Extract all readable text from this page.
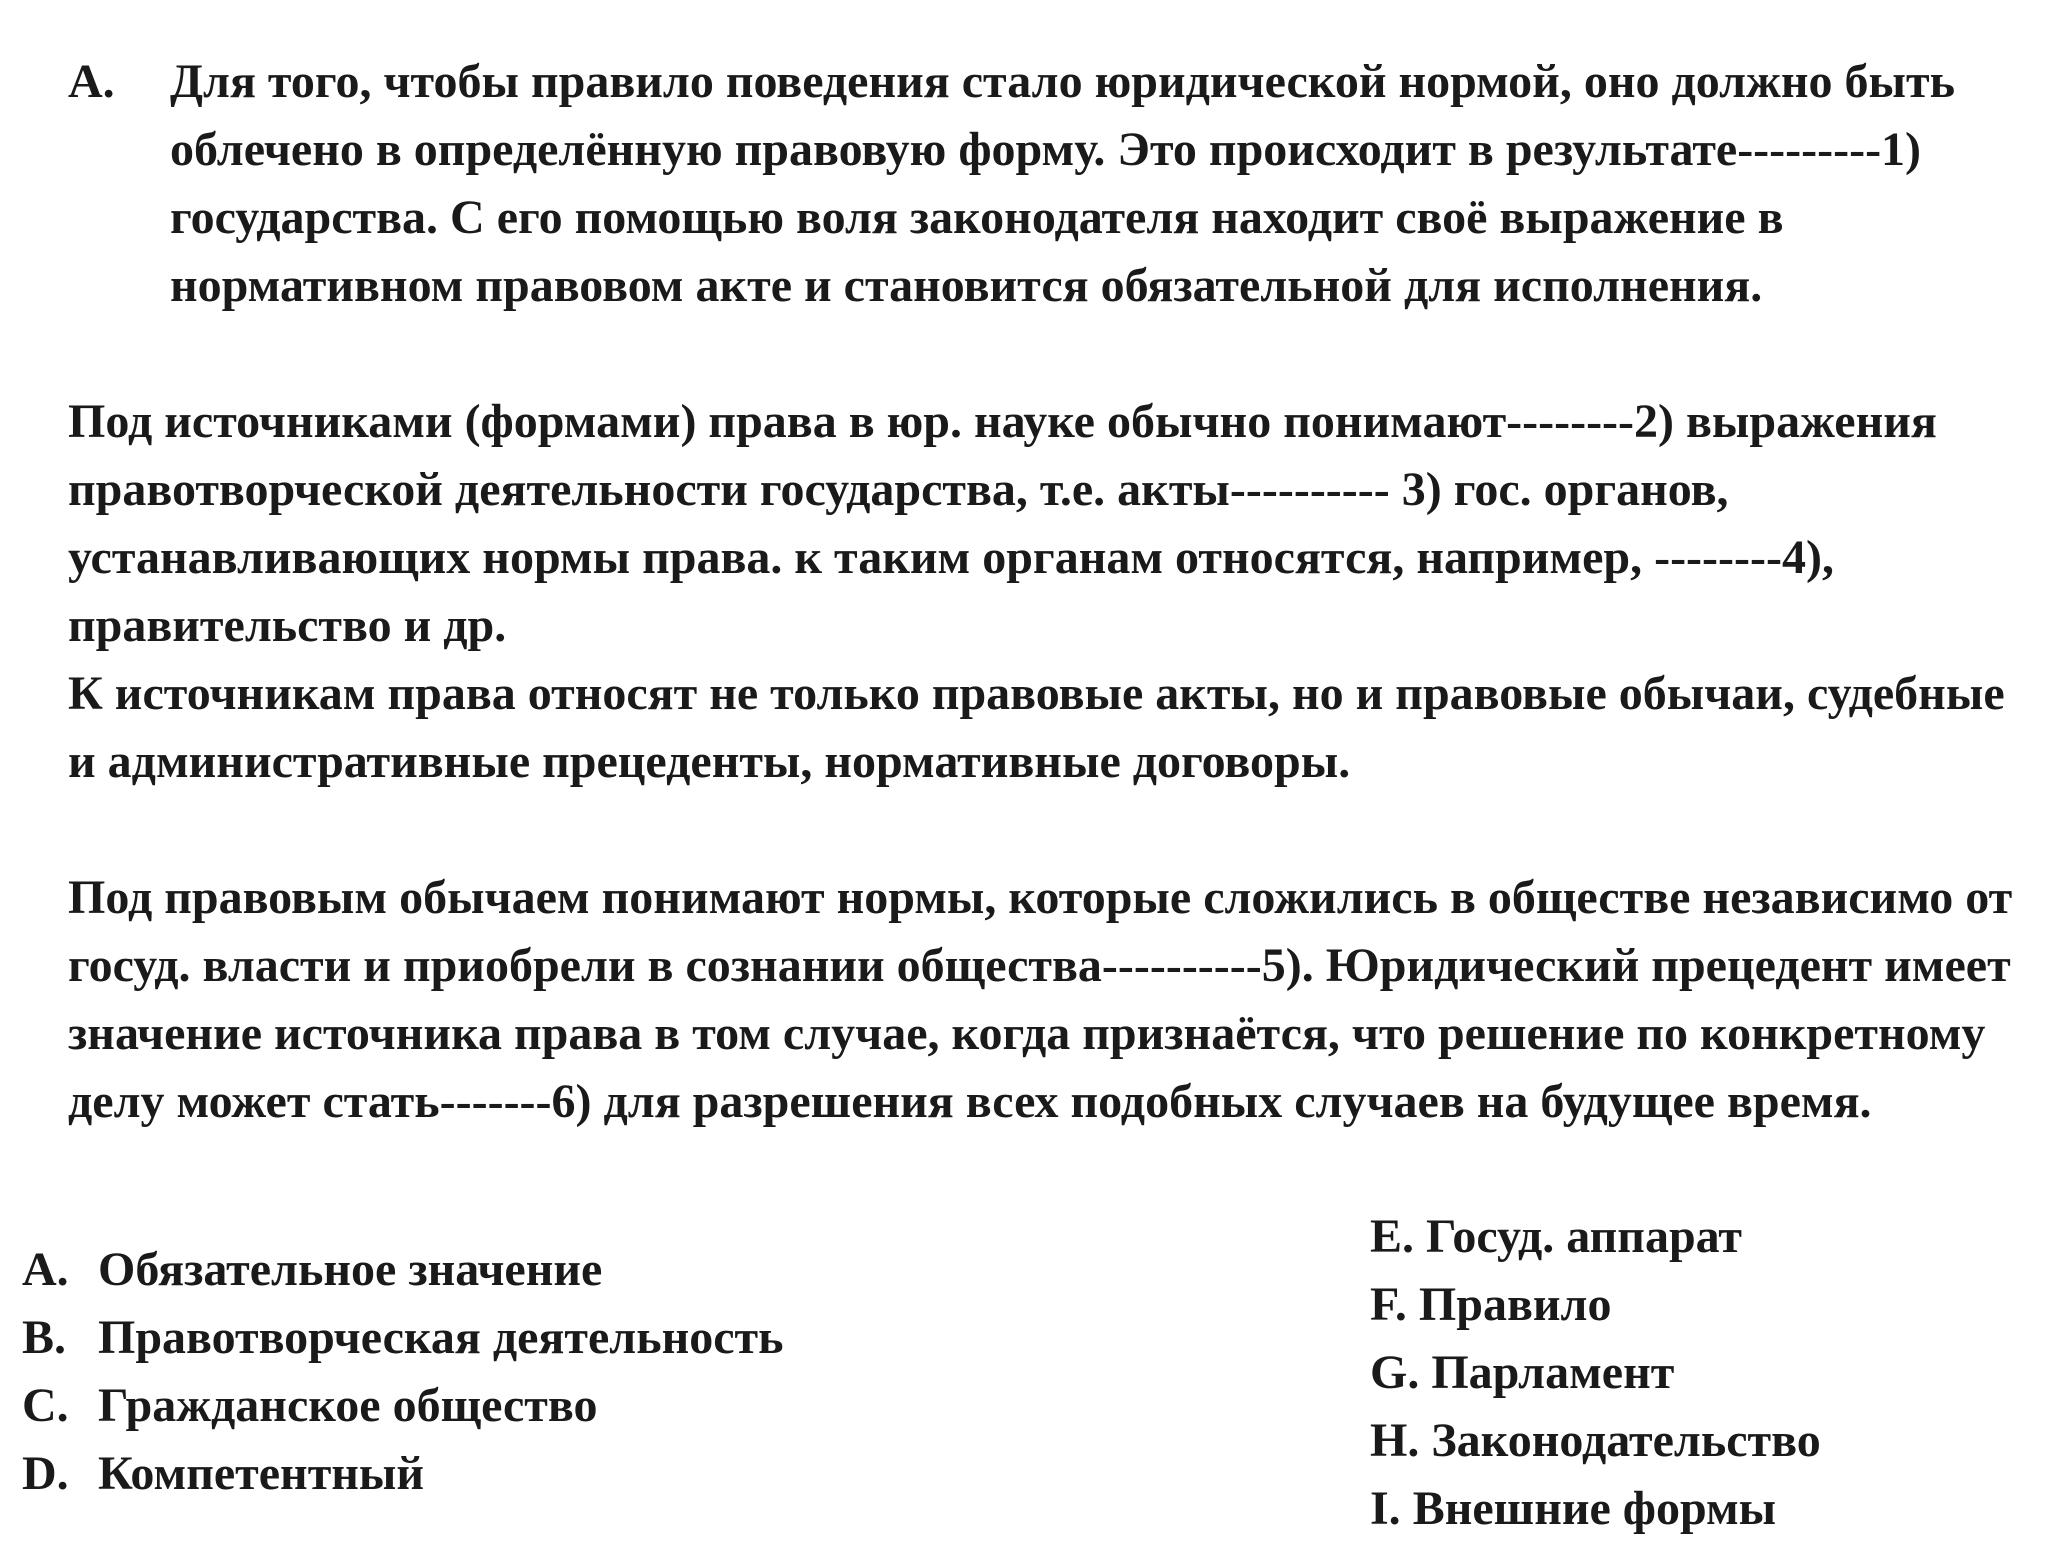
A. Для того, чтобы правило поведения стало юридической нормой, оно должно быть облечено в определённую правовую форму. Это происходит в результате---------1) государства. С его помощью воля законодателя находит своё выражение в нормативном правовом акте и становится обязательной для исполнения.
Под источниками (формами) права в юр. науке обычно понимают--------2) выражения правотворческой деятельности государства, т.е. акты---------- 3) гос. органов, устанавливающих нормы права. к таким органам относятся, например, --------4), правительство и др.
К источникам права относят не только правовые акты, но и правовые обычаи, судебные и административные прецеденты, нормативные договоры.
Под правовым обычаем понимают нормы, которые сложились в обществе независимо от госуд. власти и приобрели в сознании общества----------5). Юридический прецедент имеет значение источника права в том случае, когда признаётся, что решение по конкретному делу может стать-------6) для разрешения всех подобных случаев на будущее время.
A. Обязательное значение
B. Правотворческая деятельность
C. Гражданское общество
D. Компетентный
E. Госуд. аппарат
F. Правило
G. Парламент
H. Законодательство
I. Внешние формы
